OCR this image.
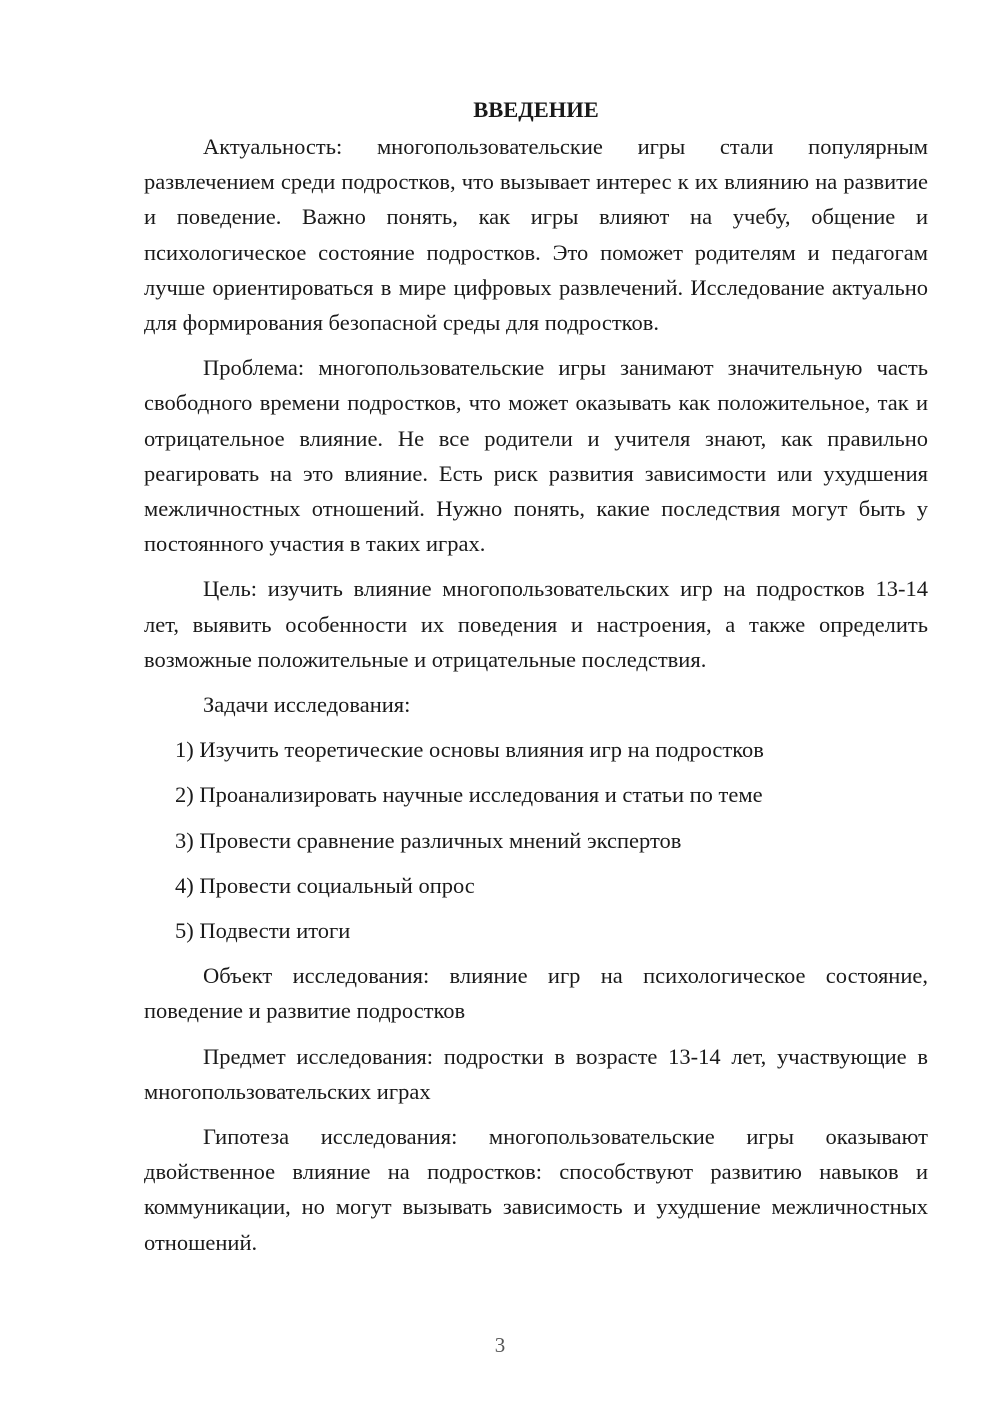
ВВЕДЕНИЕ

Актуальность: многопользовательские игры стали популярным развлечением среди подростков, что вызывает интерес к их влиянию на развитие и поведение. Важно понять, как игры влияют на учебу, общение и психологическое состояние подростков. Это поможет родителям и педагогам лучше ориентироваться в мире цифровых развлечений. Исследование актуально для формирования безопасной среды для подростков.

Проблема: многопользовательские игры занимают значительную часть свободного времени подростков, что может оказывать как положительное, так и отрицательное влияние. Не все родители и учителя знают, как правильно реагировать на это влияние. Есть риск развития зависимости или ухудшения межличностных отношений. Нужно понять, какие последствия могут быть у постоянного участия в таких играх.

Цель: изучить влияние многопользовательских игр на подростков 13-14 лет, выявить особенности их поведения и настроения, а также определить возможные положительные и отрицательные последствия.

Задачи исследования:

1) Изучить теоретические основы влияния игр на подростков
2) Проанализировать научные исследования и статьи по теме
3) Провести сравнение различных мнений экспертов
4) Провести социальный опрос
5) Подвести итоги

Объект исследования: влияние игр на психологическое состояние, поведение и развитие подростков

Предмет исследования: подростки в возрасте 13-14 лет, участвующие в многопользовательских играх

Гипотеза исследования: многопользовательские игры оказывают двойственное влияние на подростков: способствуют развитию навыков и коммуникации, но могут вызывать зависимость и ухудшение межличностных отношений.

3
